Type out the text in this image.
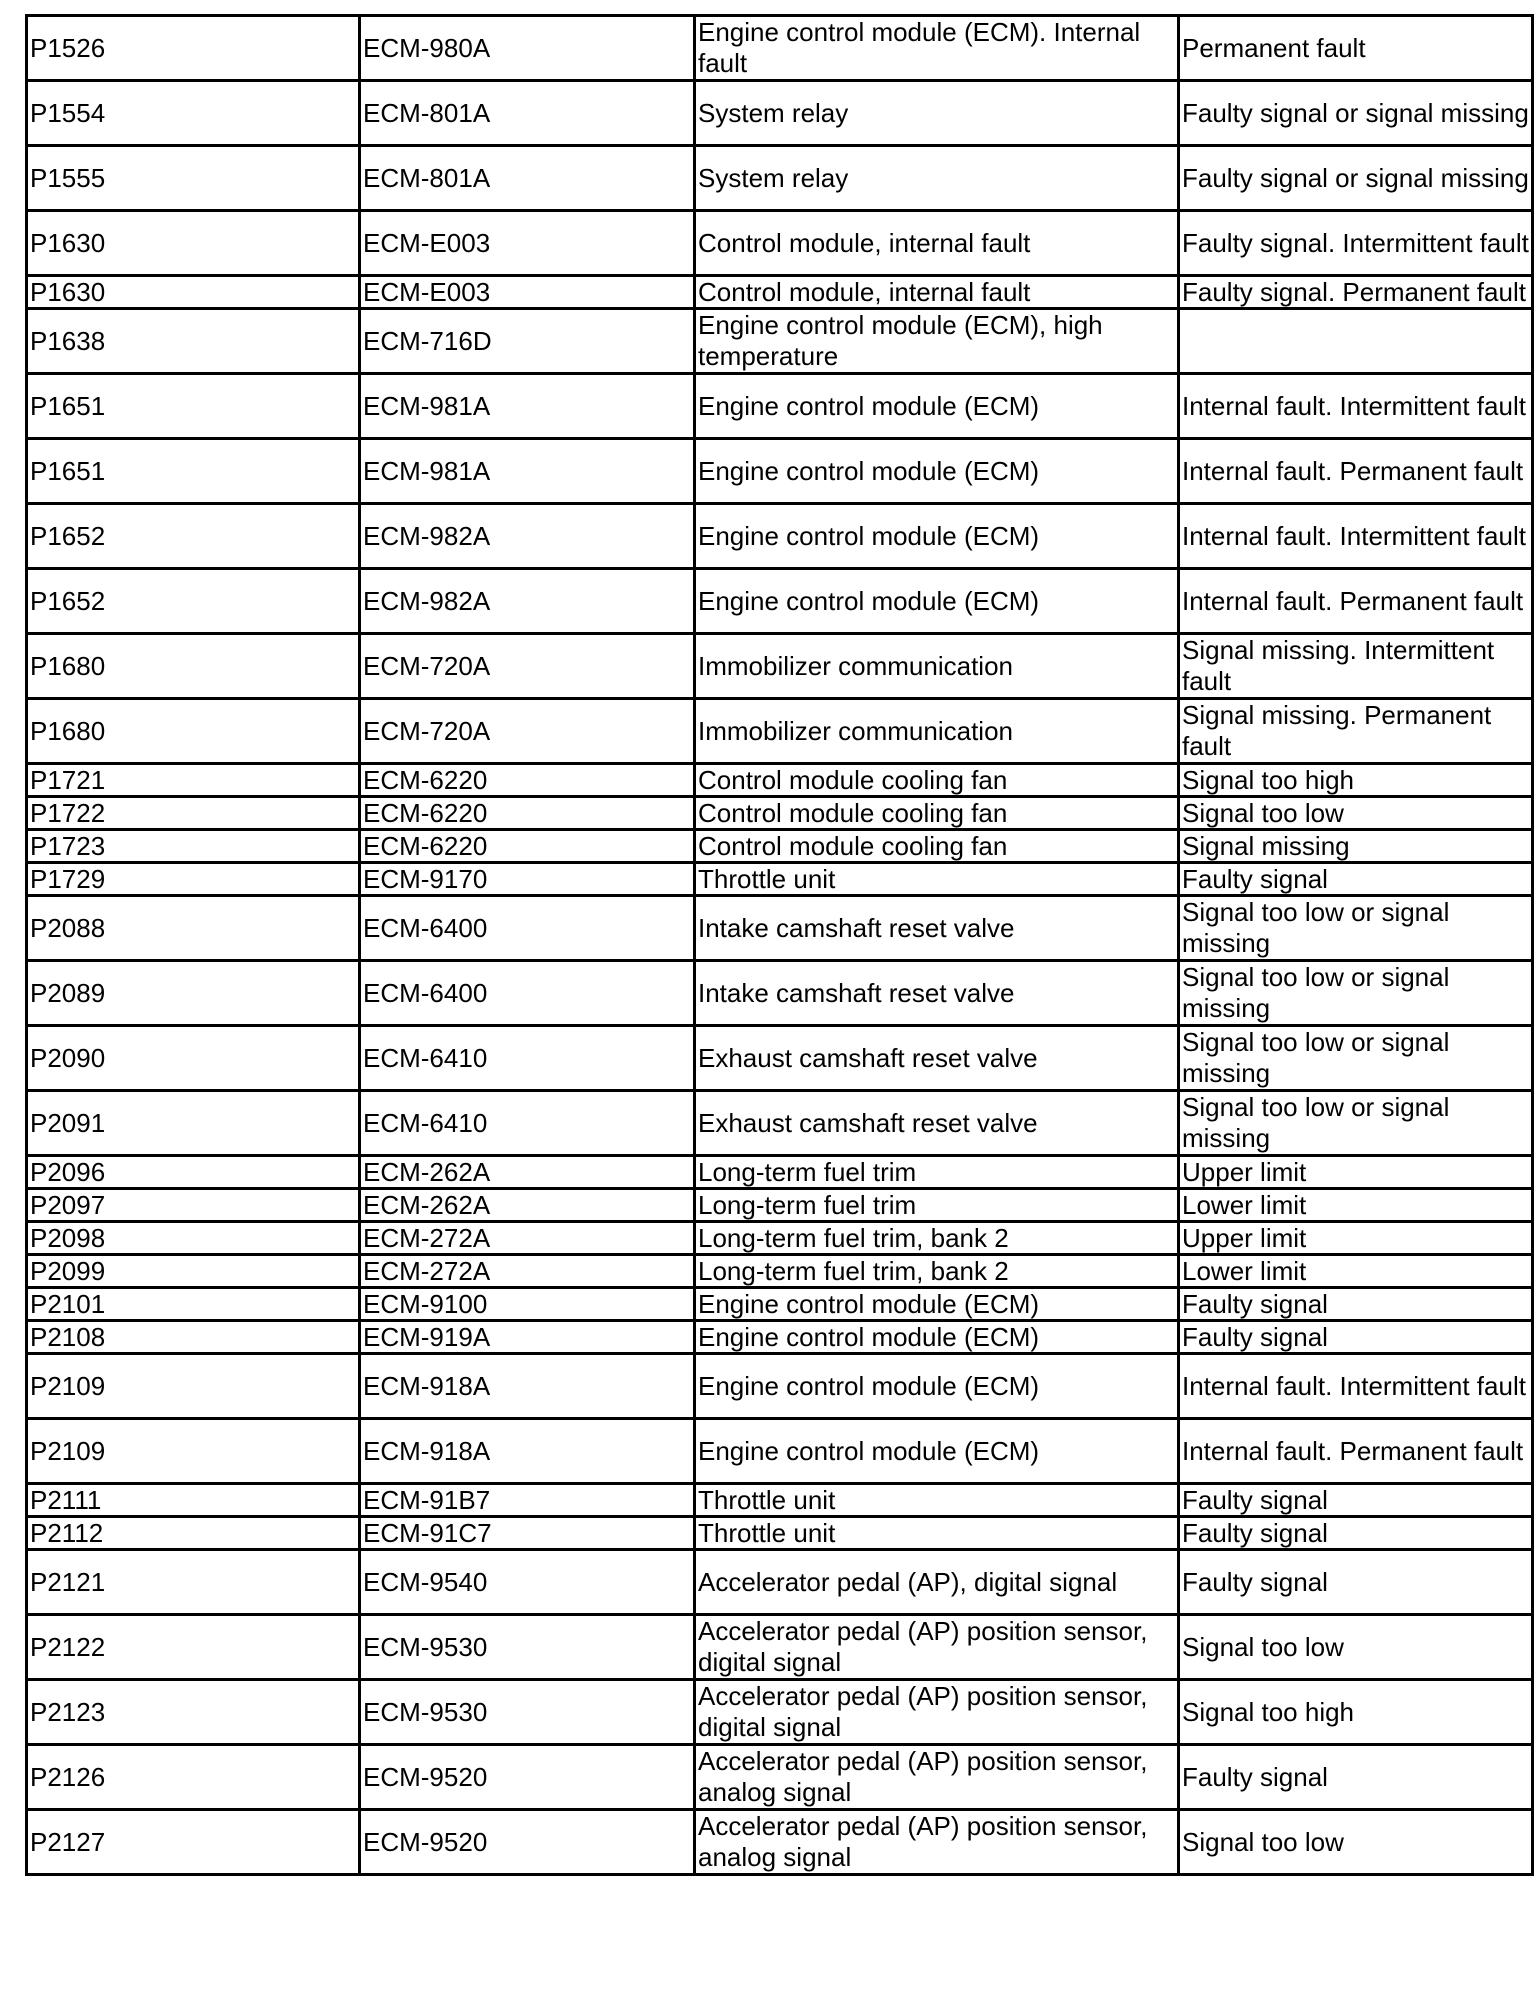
P1526	ECM-980A	Engine control module (ECM). Internal fault	Permanent fault
P1554	ECM-801A	System relay	Faulty signal or signal missing
P1555	ECM-801A	System relay	Faulty signal or signal missing
P1630	ECM-E003	Control module, internal fault	Faulty signal. Intermittent fault
P1630	ECM-E003	Control module, internal fault	Faulty signal. Permanent fault
P1638	ECM-716D	Engine control module (ECM), high temperature	
P1651	ECM-981A	Engine control module (ECM)	Internal fault. Intermittent fault
P1651	ECM-981A	Engine control module (ECM)	Internal fault. Permanent fault
P1652	ECM-982A	Engine control module (ECM)	Internal fault. Intermittent fault
P1652	ECM-982A	Engine control module (ECM)	Internal fault. Permanent fault
P1680	ECM-720A	Immobilizer communication	Signal missing. Intermittent fault
P1680	ECM-720A	Immobilizer communication	Signal missing. Permanent fault
P1721	ECM-6220	Control module cooling fan	Signal too high
P1722	ECM-6220	Control module cooling fan	Signal too low
P1723	ECM-6220	Control module cooling fan	Signal missing
P1729	ECM-9170	Throttle unit	Faulty signal
P2088	ECM-6400	Intake camshaft reset valve	Signal too low or signal missing
P2089	ECM-6400	Intake camshaft reset valve	Signal too low or signal missing
P2090	ECM-6410	Exhaust camshaft reset valve	Signal too low or signal missing
P2091	ECM-6410	Exhaust camshaft reset valve	Signal too low or signal missing
P2096	ECM-262A	Long-term fuel trim	Upper limit
P2097	ECM-262A	Long-term fuel trim	Lower limit
P2098	ECM-272A	Long-term fuel trim, bank 2	Upper limit
P2099	ECM-272A	Long-term fuel trim, bank 2	Lower limit
P2101	ECM-9100	Engine control module (ECM)	Faulty signal
P2108	ECM-919A	Engine control module (ECM)	Faulty signal
P2109	ECM-918A	Engine control module (ECM)	Internal fault. Intermittent fault
P2109	ECM-918A	Engine control module (ECM)	Internal fault. Permanent fault
P2111	ECM-91B7	Throttle unit	Faulty signal
P2112	ECM-91C7	Throttle unit	Faulty signal
P2121	ECM-9540	Accelerator pedal (AP), digital signal	Faulty signal
P2122	ECM-9530	Accelerator pedal (AP) position sensor, digital signal	Signal too low
P2123	ECM-9530	Accelerator pedal (AP) position sensor, digital signal	Signal too high
P2126	ECM-9520	Accelerator pedal (AP) position sensor, analog signal	Faulty signal
P2127	ECM-9520	Accelerator pedal (AP) position sensor, analog signal	Signal too low
